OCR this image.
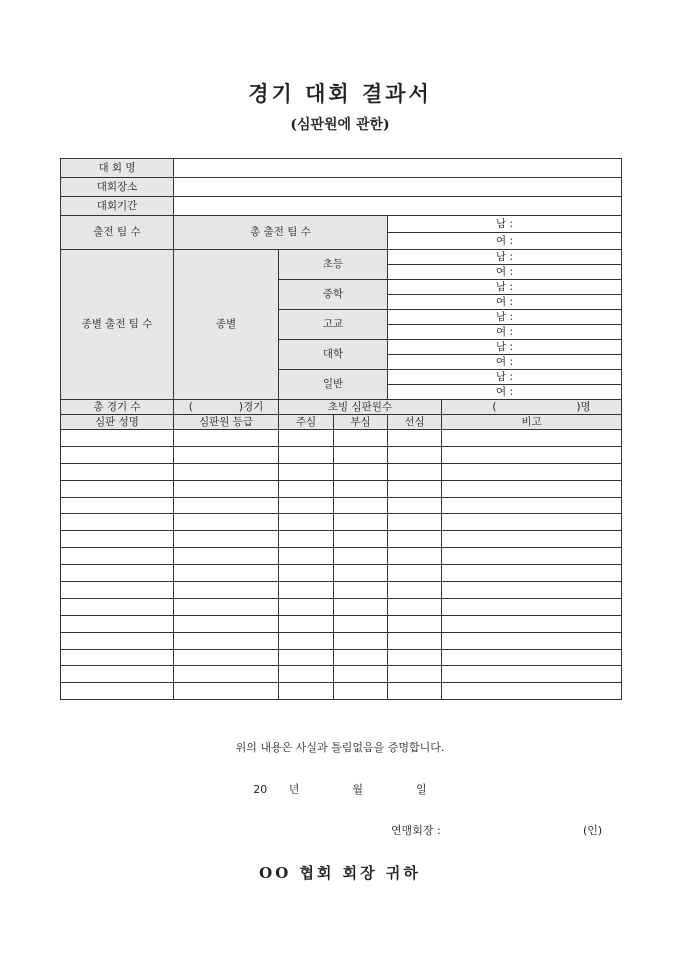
경기 대회 결과서
(심판원에 관한)
대 회 명					
대회장소					
대회기간					
출전 팀 수	총 출전 팀 수			남 :	
				여 :	
종별 출전 팀 수	종별	초등		남 :	
				여 :	
		중학		남 :	
				여 :	
		고교		남 :	
				여 :	
		대학		남 :	
				여 :	
		일반		남 :	
				여 :	
총 경기 수	( )경기	초빙 심판원수			( )명
심판 성명	심판원 등급	주심	부심	선심	비고

위의 내용은 사실과 틀림없음을 증명합니다.
20 년	월	일
연맹회장 :	(인)
OO 협회 회장 귀하
